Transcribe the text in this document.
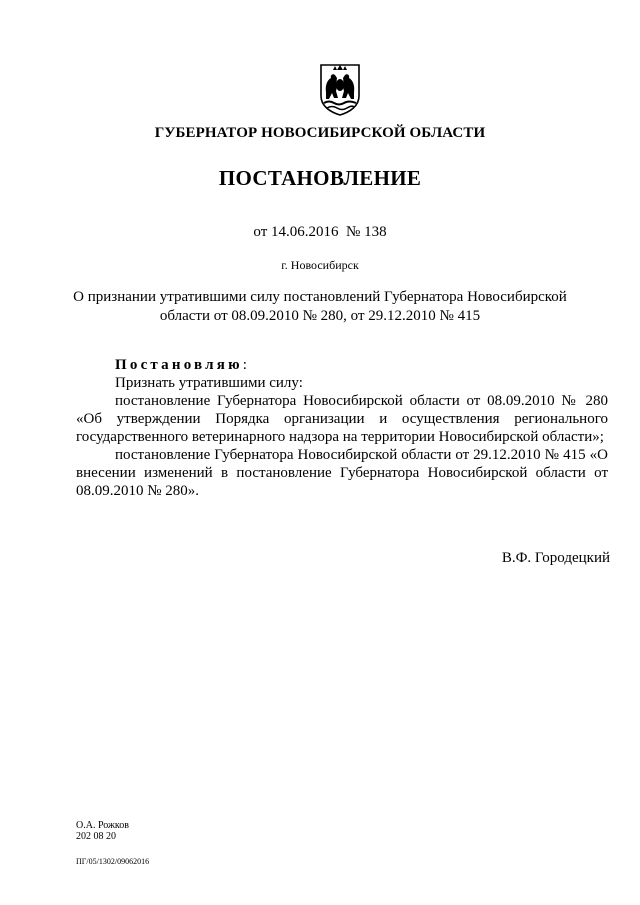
ГУБЕРНАТОР НОВОСИБИРСКОЙ ОБЛАСТИ
ПОСТАНОВЛЕНИЕ
от 14.06.2016  № 138
г. Новосибирск
О признании утратившими силу постановлений Губернатора Новосибирской
области от 08.09.2010 № 280, от 29.12.2010 № 415

Постановляю:

Признать утратившими силу:

постановление Губернатора Новосибирской области от 08.09.2010 № 280 «Об утверждении Порядка организации и осуществления регионального государственного ветеринарного надзора на территории Новосибирской области»;

постановление Губернатора Новосибирской области от 29.12.2010 № 415 «О внесении изменений в постановление Губернатора Новосибирской области от 08.09.2010 № 280».

В.Ф. Городецкий
О.А. Рожков
202 08 20
ПГ/05/1302/09062016
